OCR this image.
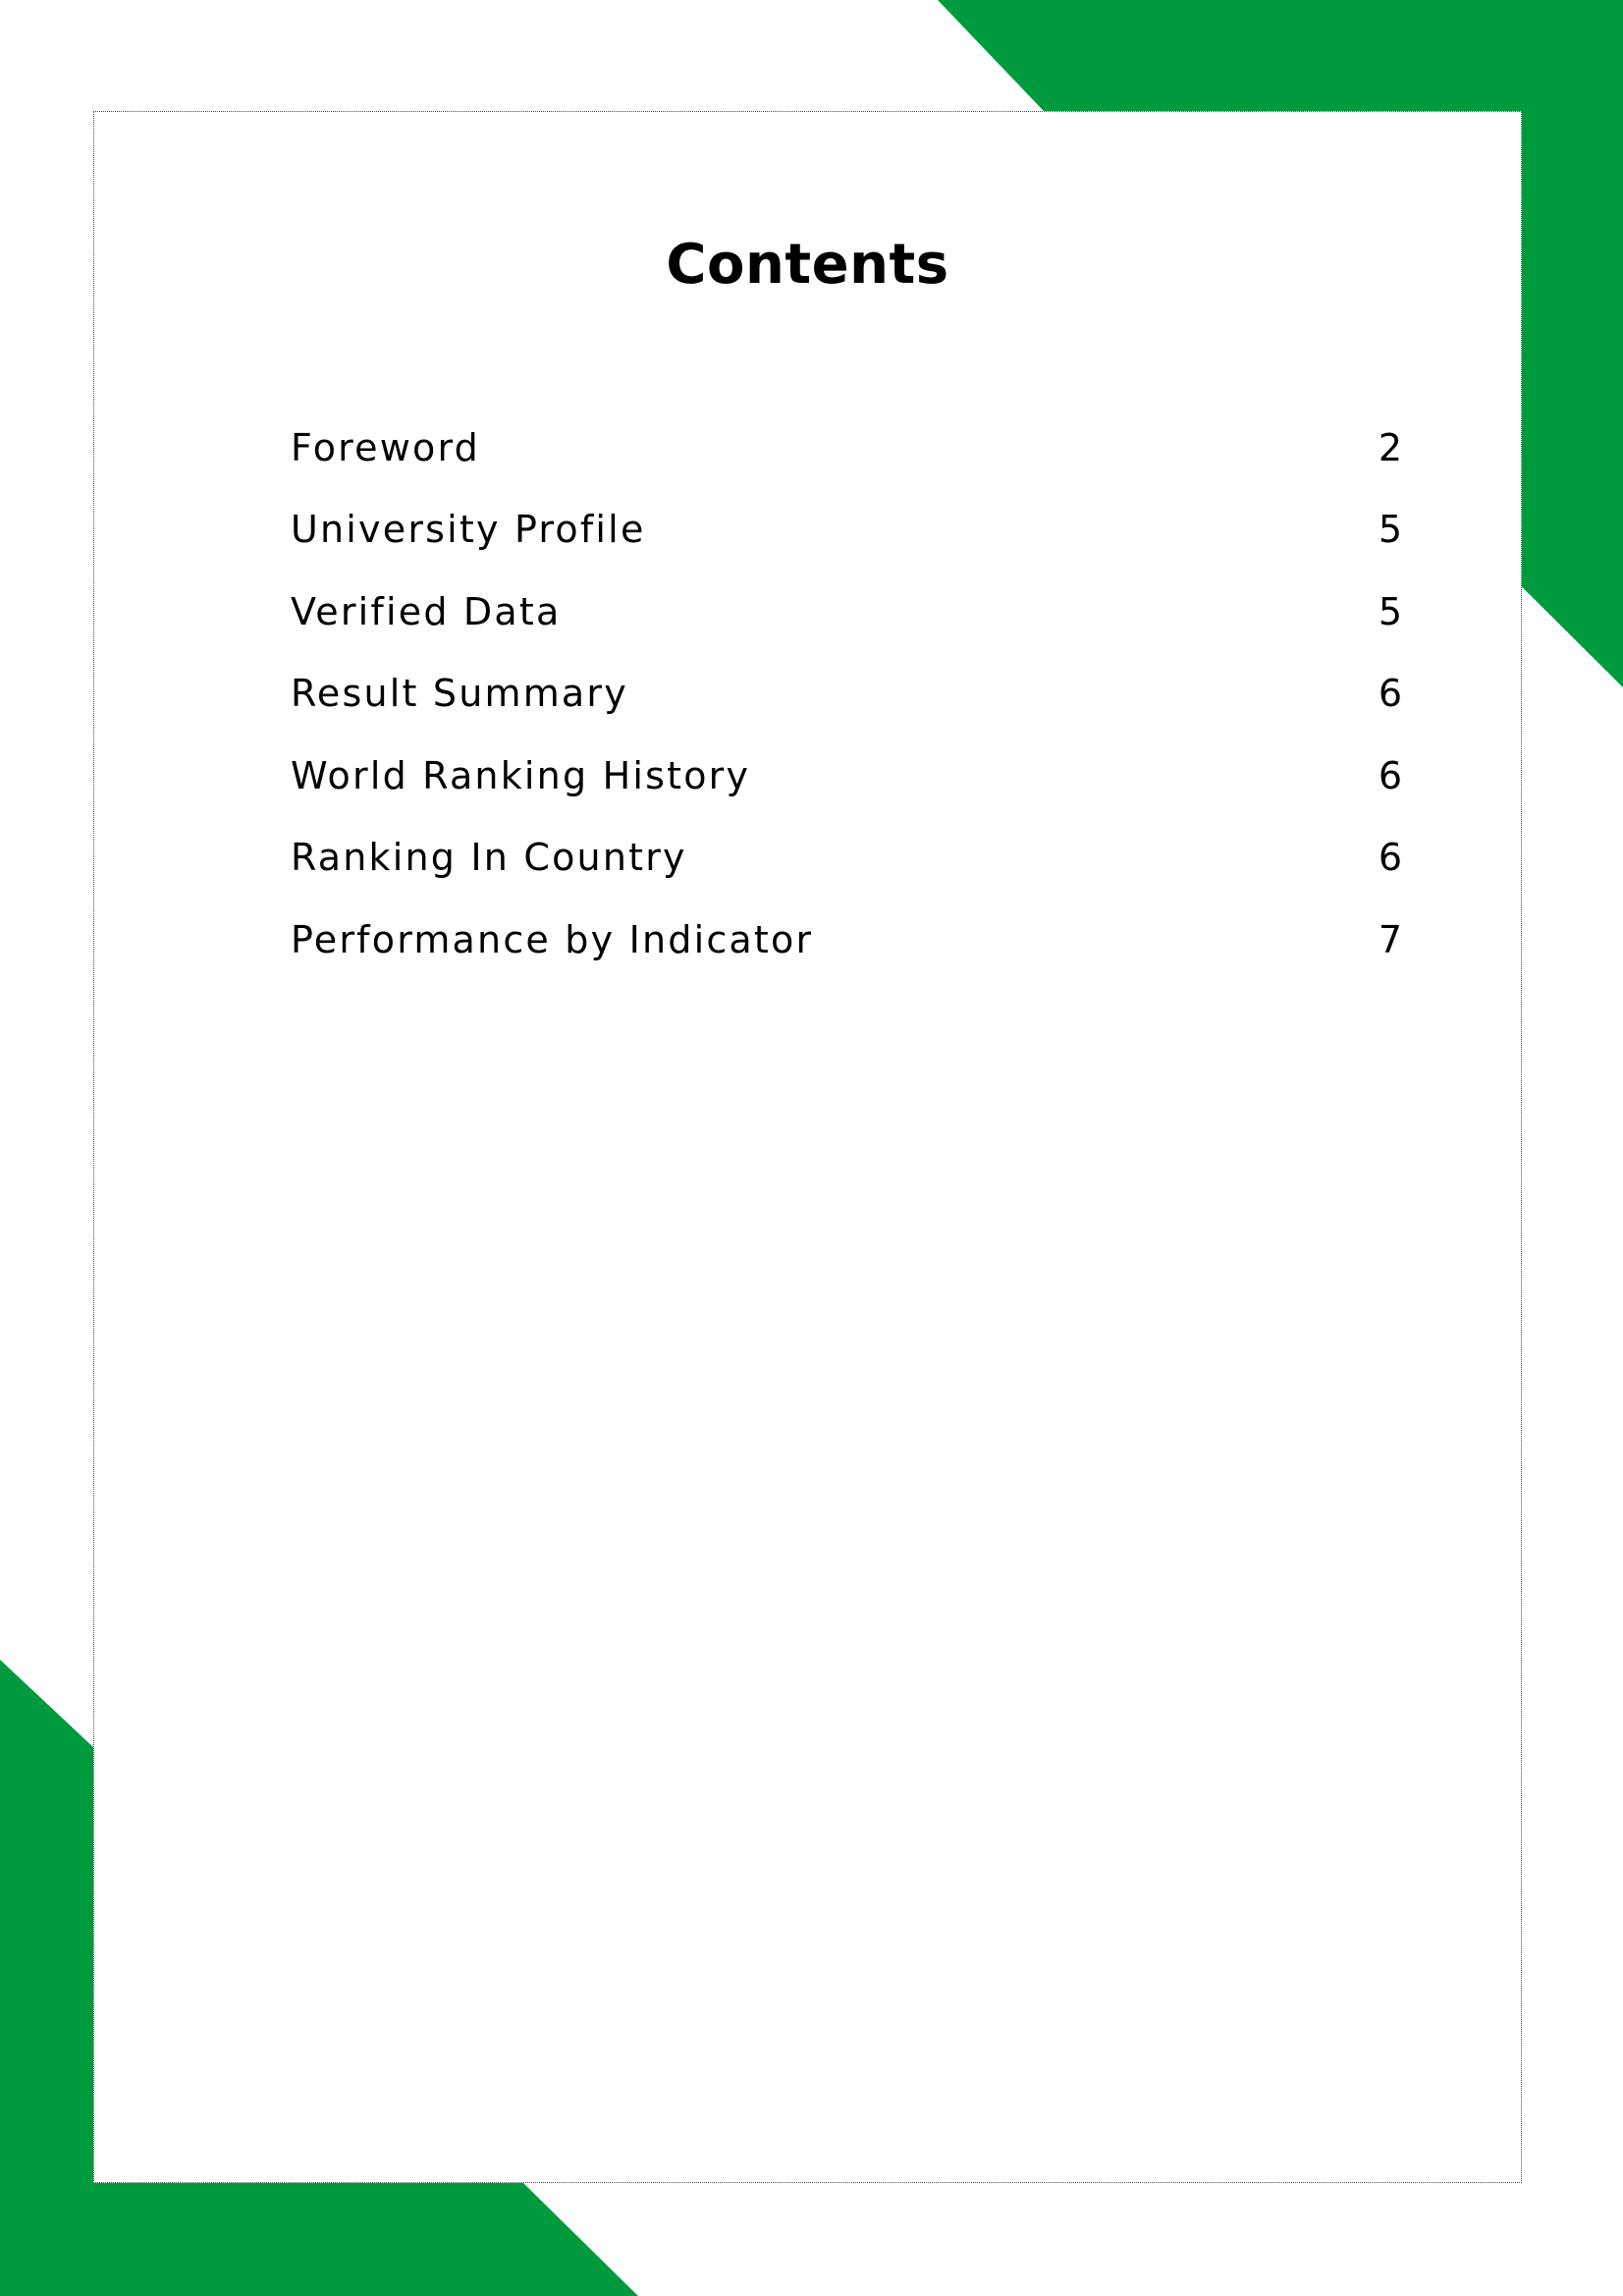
Contents
Foreword	2
University Profile	5
Verified Data	5
Result Summary	6
World Ranking History	6
Ranking In Country	6
Performance by Indicator	7
